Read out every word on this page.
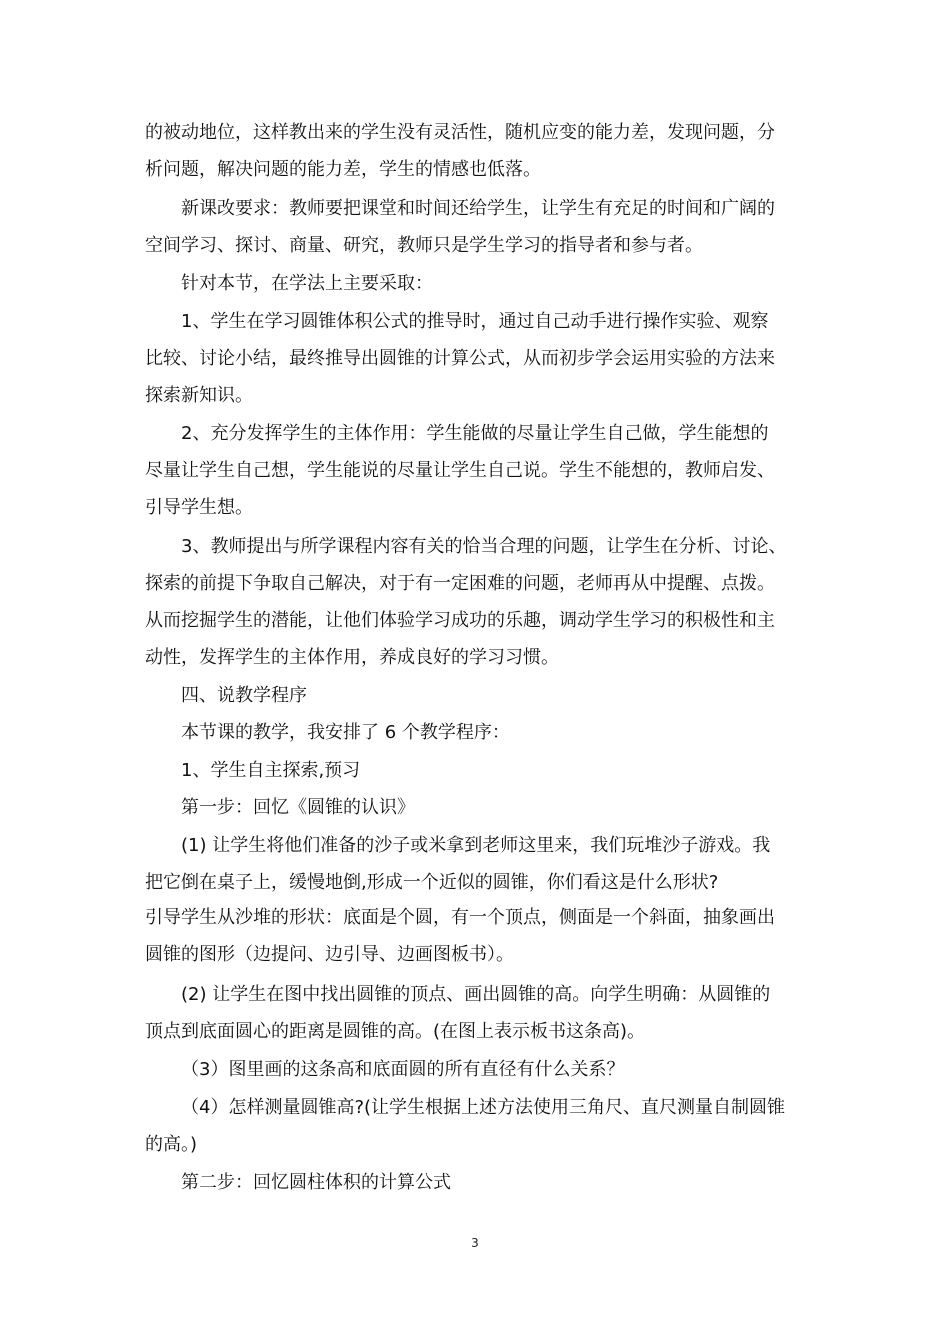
的被动地位，这样教出来的学生没有灵活性，随机应变的能力差，发现问题，分
析问题，解决问题的能力差，学生的情感也低落。
新课改要求：教师要把课堂和时间还给学生，让学生有充足的时间和广阔的
空间学习、探讨、商量、研究，教师只是学生学习的指导者和参与者。
针对本节，在学法上主要采取：
1、学生在学习圆锥体积公式的推导时，通过自己动手进行操作实验、观察
比较、讨论小结，最终推导出圆锥的计算公式，从而初步学会运用实验的方法来
探索新知识。
2、充分发挥学生的主体作用：学生能做的尽量让学生自己做，学生能想的
尽量让学生自己想，学生能说的尽量让学生自己说。学生不能想的，教师启发、
引导学生想。
3、教师提出与所学课程内容有关的恰当合理的问题，让学生在分析、讨论、
探索的前提下争取自己解决，对于有一定困难的问题，老师再从中提醒、点拨。
从而挖掘学生的潜能，让他们体验学习成功的乐趣，调动学生学习的积极性和主
动性，发挥学生的主体作用，养成良好的学习习惯。
四、说教学程序
本节课的教学，我安排了 6 个教学程序：
1、学生自主探索,预习
第一步：回忆《圆锥的认识》
(1) 让学生将他们准备的沙子或米拿到老师这里来，我们玩堆沙子游戏。我
把它倒在桌子上，缓慢地倒,形成一个近似的圆锥，你们看这是什么形状?
引导学生从沙堆的形状：底面是个圆，有一个顶点，侧面是一个斜面，抽象画出
圆锥的图形（边提问、边引导、边画图板书）。
(2) 让学生在图中找出圆锥的顶点、画出圆锥的高。向学生明确：从圆锥的
顶点到底面圆心的距离是圆锥的高。(在图上表示板书这条高)。
（3）图里画的这条高和底面圆的所有直径有什么关系？
（4）怎样测量圆锥高?(让学生根据上述方法使用三角尺、直尺测量自制圆锥
的高。)
第二步：回忆圆柱体积的计算公式
3
